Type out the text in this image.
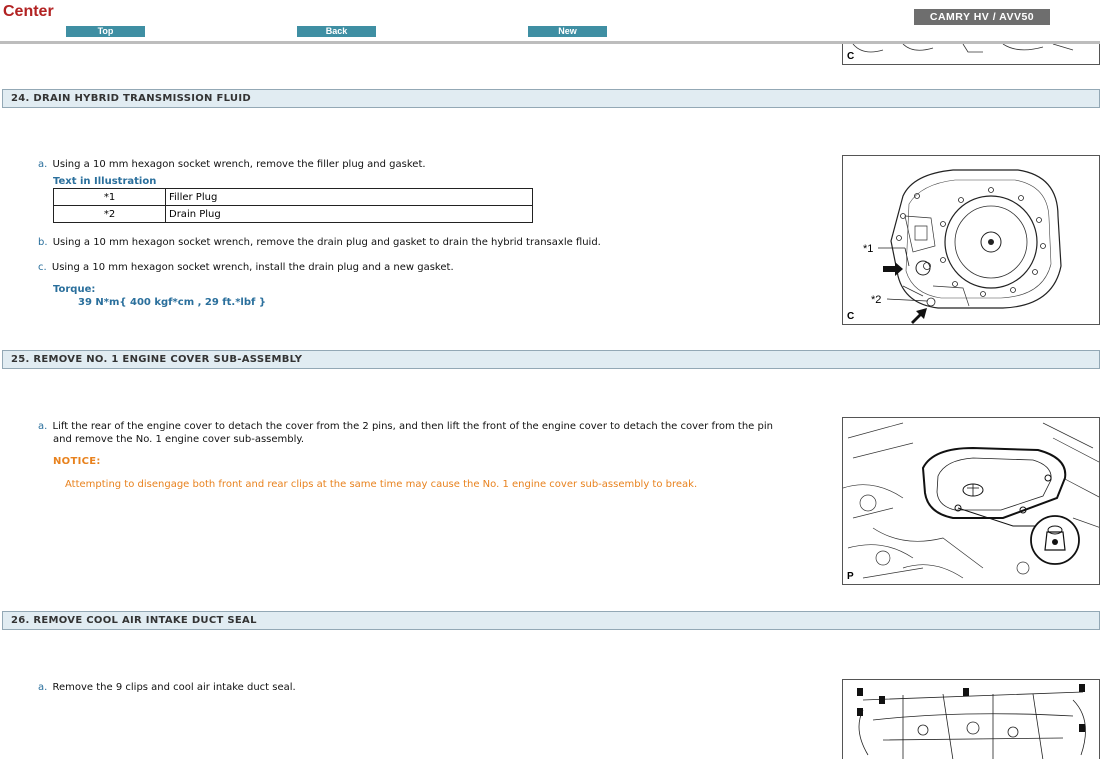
Center
Top	Back	New
CAMRY HV / AVV50
C
24. DRAIN HYBRID TRANSMISSION FLUID
a. Using a 10 mm hexagon socket wrench, remove the filler plug and gasket.
Text in Illustration
*1	Filler Plug
*2	Drain Plug
b. Using a 10 mm hexagon socket wrench, remove the drain plug and gasket to drain the hybrid transaxle fluid.
c. Using a 10 mm hexagon socket wrench, install the drain plug and a new gasket.
Torque:
39 N*m{ 400 kgf*cm , 29 ft.*lbf }
*1
*2
C
25. REMOVE NO. 1 ENGINE COVER SUB-ASSEMBLY
a. Lift the rear of the engine cover to detach the cover from the 2 pins, and then lift the front of the engine cover to detach the cover from the pin
and remove the No. 1 engine cover sub-assembly.
NOTICE:
Attempting to disengage both front and rear clips at the same time may cause the No. 1 engine cover sub-assembly to break.
P
26. REMOVE COOL AIR INTAKE DUCT SEAL
a. Remove the 9 clips and cool air intake duct seal.
